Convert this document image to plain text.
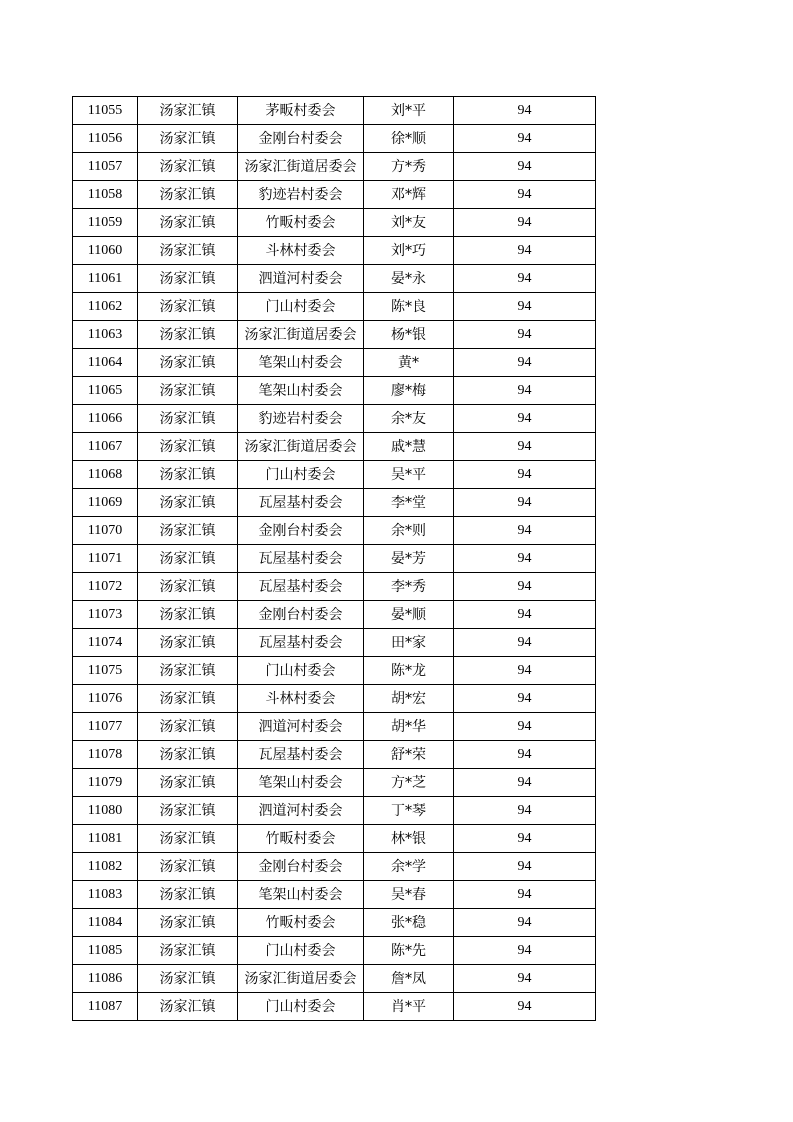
11055	汤家汇镇	茅畈村委会	刘*平	94
11056	汤家汇镇	金刚台村委会	徐*顺	94
11057	汤家汇镇	汤家汇街道居委会	方*秀	94
11058	汤家汇镇	豹迹岩村委会	邓*辉	94
11059	汤家汇镇	竹畈村委会	刘*友	94
11060	汤家汇镇	斗林村委会	刘*巧	94
11061	汤家汇镇	泗道河村委会	晏*永	94
11062	汤家汇镇	门山村委会	陈*良	94
11063	汤家汇镇	汤家汇街道居委会	杨*银	94
11064	汤家汇镇	笔架山村委会	黄*	94
11065	汤家汇镇	笔架山村委会	廖*梅	94
11066	汤家汇镇	豹迹岩村委会	余*友	94
11067	汤家汇镇	汤家汇街道居委会	戚*慧	94
11068	汤家汇镇	门山村委会	吴*平	94
11069	汤家汇镇	瓦屋基村委会	李*堂	94
11070	汤家汇镇	金刚台村委会	余*则	94
11071	汤家汇镇	瓦屋基村委会	晏*芳	94
11072	汤家汇镇	瓦屋基村委会	李*秀	94
11073	汤家汇镇	金刚台村委会	晏*顺	94
11074	汤家汇镇	瓦屋基村委会	田*家	94
11075	汤家汇镇	门山村委会	陈*龙	94
11076	汤家汇镇	斗林村委会	胡*宏	94
11077	汤家汇镇	泗道河村委会	胡*华	94
11078	汤家汇镇	瓦屋基村委会	舒*荣	94
11079	汤家汇镇	笔架山村委会	方*芝	94
11080	汤家汇镇	泗道河村委会	丁*琴	94
11081	汤家汇镇	竹畈村委会	林*银	94
11082	汤家汇镇	金刚台村委会	余*学	94
11083	汤家汇镇	笔架山村委会	吴*春	94
11084	汤家汇镇	竹畈村委会	张*稳	94
11085	汤家汇镇	门山村委会	陈*先	94
11086	汤家汇镇	汤家汇街道居委会	詹*凤	94
11087	汤家汇镇	门山村委会	肖*平	94
